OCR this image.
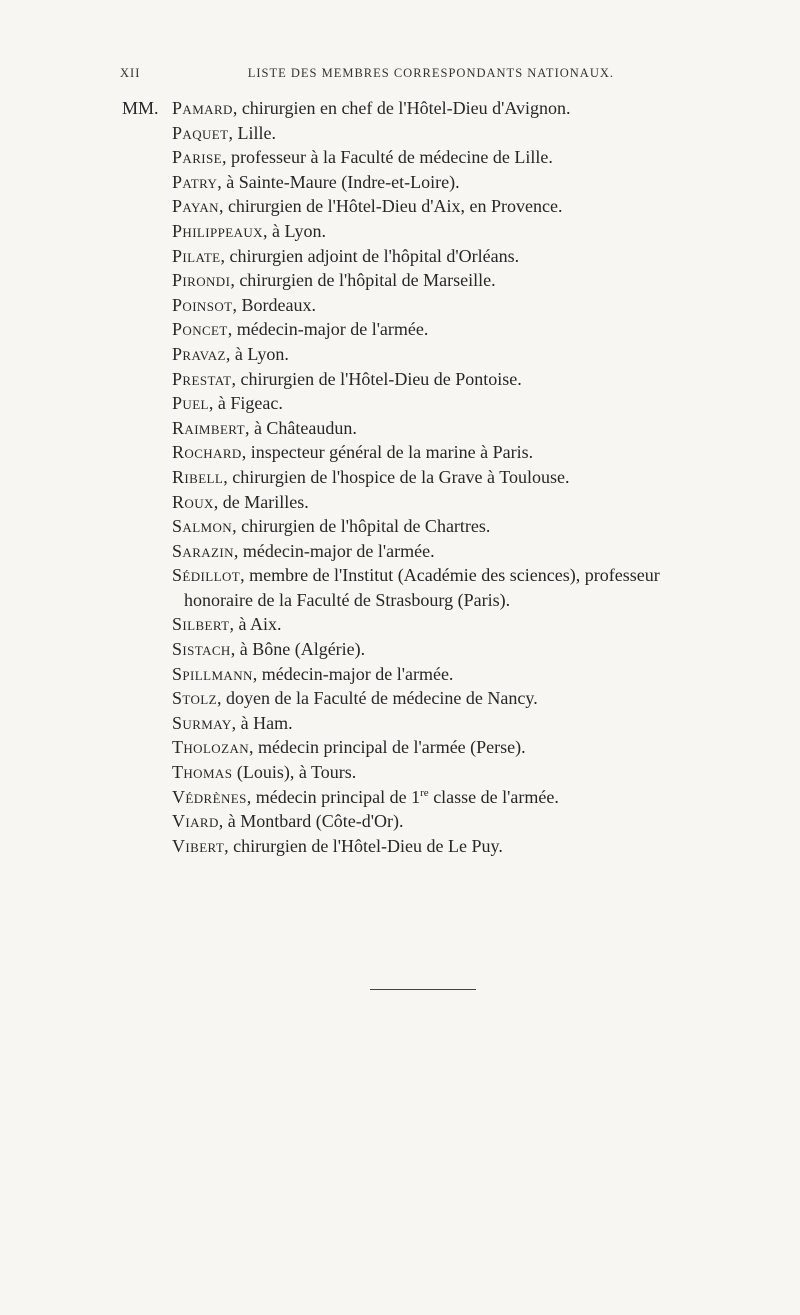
XII	LISTE DES MEMBRES CORRESPONDANTS NATIONAUX.
MM. Pamard, chirurgien en chef de l'Hôtel-Dieu d'Avignon.
Paquet, Lille.
Parise, professeur à la Faculté de médecine de Lille.
Patry, à Sainte-Maure (Indre-et-Loire).
Payan, chirurgien de l'Hôtel-Dieu d'Aix, en Provence.
Philippeaux, à Lyon.
Pilate, chirurgien adjoint de l'hôpital d'Orléans.
Pirondi, chirurgien de l'hôpital de Marseille.
Poinsot, Bordeaux.
Poncet, médecin-major de l'armée.
Pravaz, à Lyon.
Prestat, chirurgien de l'Hôtel-Dieu de Pontoise.
Puel, à Figeac.
Raimbert, à Châteaudun.
Rochard, inspecteur général de la marine à Paris.
Ribell, chirurgien de l'hospice de la Grave à Toulouse.
Roux, de Marilles.
Salmon, chirurgien de l'hôpital de Chartres.
Sarazin, médecin-major de l'armée.
Sédillot, membre de l'Institut (Académie des sciences), professeur
honoraire de la Faculté de Strasbourg (Paris).
Silbert, à Aix.
Sistach, à Bône (Algérie).
Spillmann, médecin-major de l'armée.
Stolz, doyen de la Faculté de médecine de Nancy.
Surmay, à Ham.
Tholozan, médecin principal de l'armée (Perse).
Thomas (Louis), à Tours.
Védrènes, médecin principal de 1re classe de l'armée.
Viard, à Montbard (Côte-d'Or).
Vibert, chirurgien de l'Hôtel-Dieu de Le Puy.
